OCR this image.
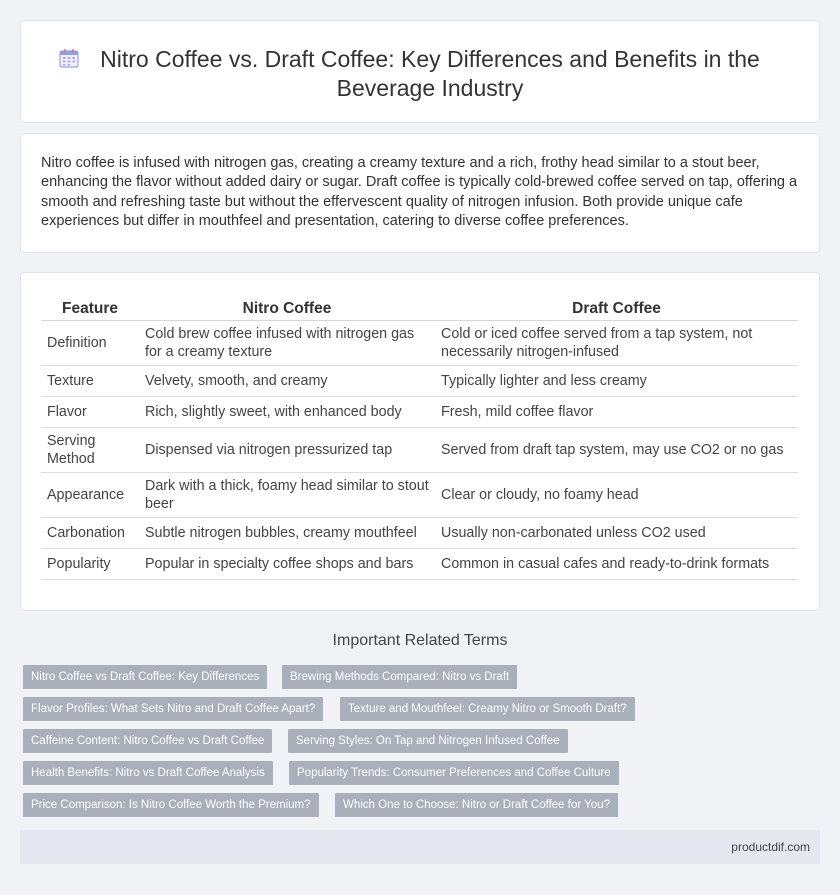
Nitro Coffee vs. Draft Coffee: Key Differences and Benefits in the Beverage Industry

Nitro coffee is infused with nitrogen gas, creating a creamy texture and a rich, frothy head similar to a stout beer, enhancing the flavor without added dairy or sugar. Draft coffee is typically cold-brewed coffee served on tap, offering a smooth and refreshing taste but without the effervescent quality of nitrogen infusion. Both provide unique cafe experiences but differ in mouthfeel and presentation, catering to diverse coffee preferences.

Feature	Nitro Coffee	Draft Coffee
Definition	Cold brew coffee infused with nitrogen gas for a creamy texture	Cold or iced coffee served from a tap system, not necessarily nitrogen-infused
Texture	Velvety, smooth, and creamy	Typically lighter and less creamy
Flavor	Rich, slightly sweet, with enhanced body	Fresh, mild coffee flavor
Serving Method	Dispensed via nitrogen pressurized tap	Served from draft tap system, may use CO2 or no gas
Appearance	Dark with a thick, foamy head similar to stout beer	Clear or cloudy, no foamy head
Carbonation	Subtle nitrogen bubbles, creamy mouthfeel	Usually non-carbonated unless CO2 used
Popularity	Popular in specialty coffee shops and bars	Common in casual cafes and ready-to-drink formats
Important Related Terms
Nitro Coffee vs Draft Coffee: Key Differences	Brewing Methods Compared: Nitro vs Draft
Flavor Profiles: What Sets Nitro and Draft Coffee Apart?	Texture and Mouthfeel: Creamy Nitro or Smooth Draft?
Caffeine Content: Nitro Coffee vs Draft Coffee	Serving Styles: On Tap and Nitrogen Infused Coffee
Health Benefits: Nitro vs Draft Coffee Analysis	Popularity Trends: Consumer Preferences and Coffee Culture
Price Comparison: Is Nitro Coffee Worth the Premium?	Which One to Choose: Nitro or Draft Coffee for You?
productdif.com
